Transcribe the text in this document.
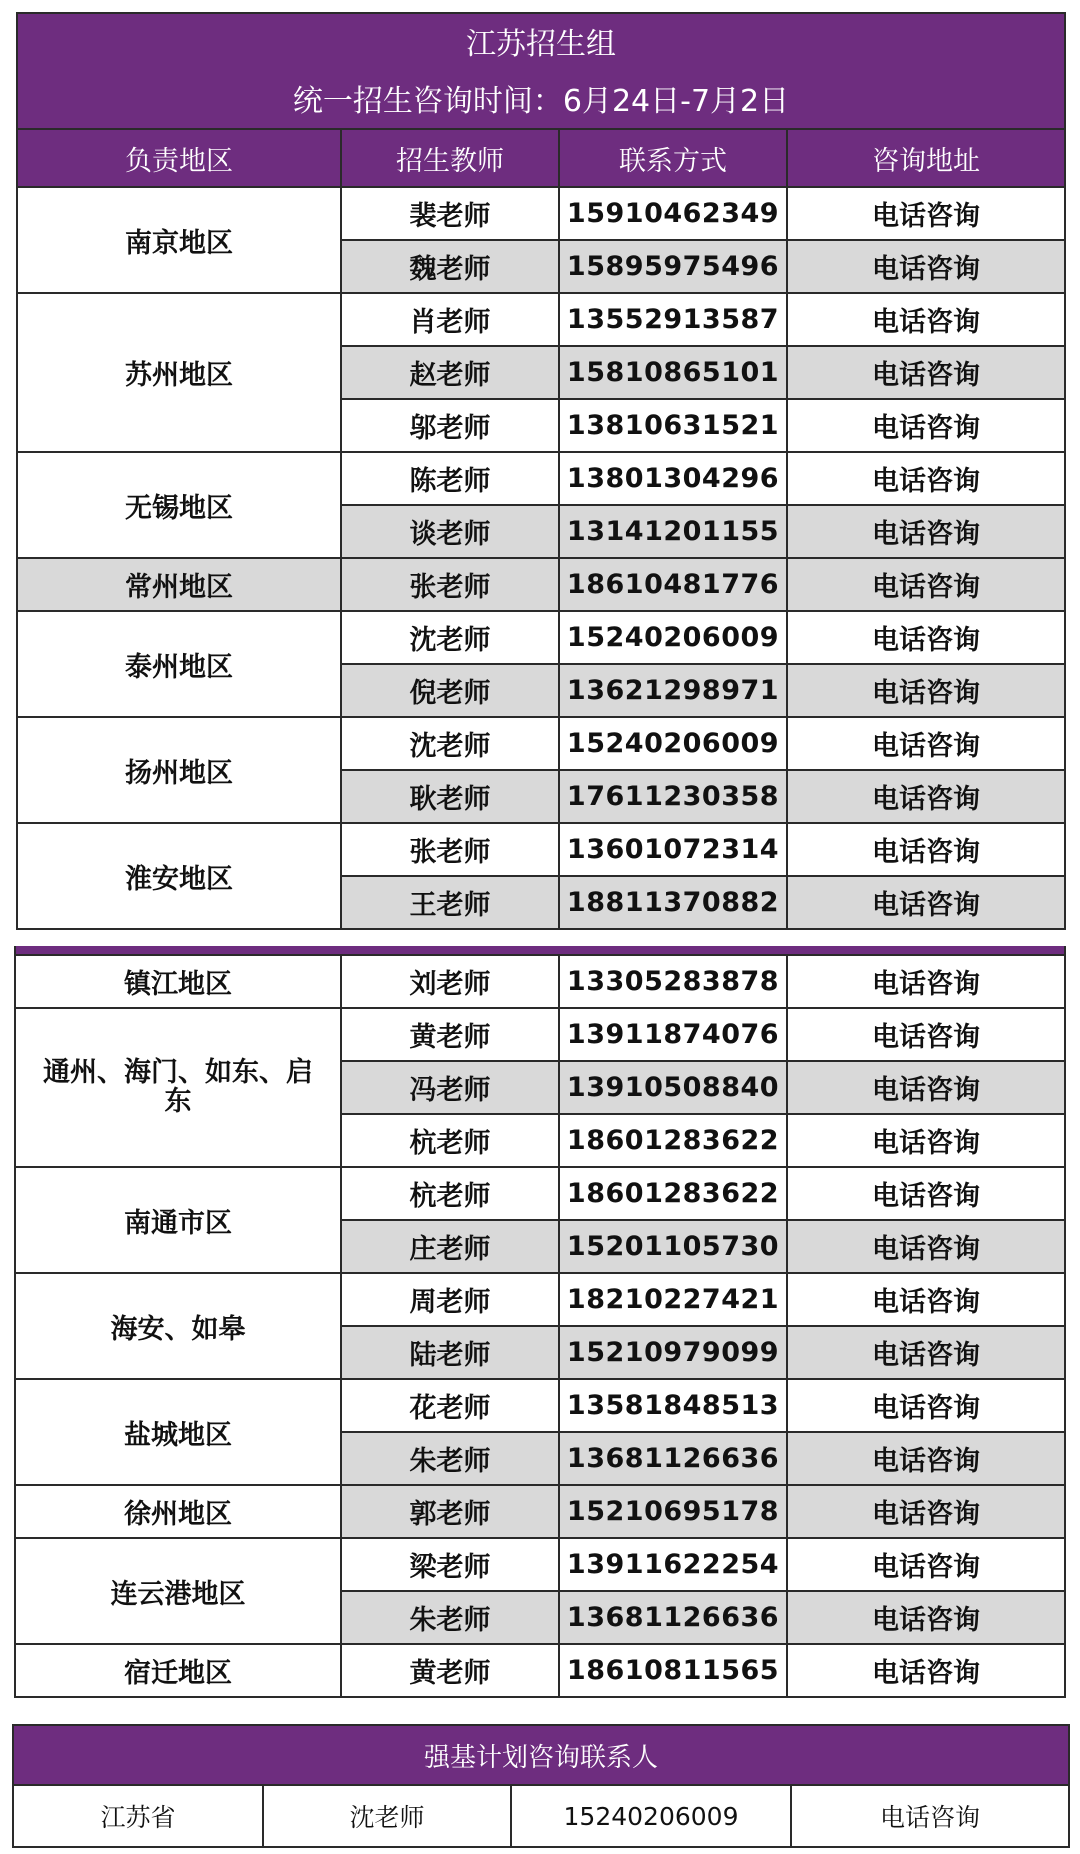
江苏招生组			
统一招生咨询时间：6月24日-7月2日			
负责地区	招生教师	联系方式	咨询地址
南京地区	裴老师	15910462349	电话咨询
	魏老师	15895975496	电话咨询
苏州地区	肖老师	13552913587	电话咨询
	赵老师	15810865101	电话咨询
	邬老师	13810631521	电话咨询
无锡地区	陈老师	13801304296	电话咨询
	谈老师	13141201155	电话咨询
常州地区	张老师	18610481776	电话咨询
泰州地区	沈老师	15240206009	电话咨询
	倪老师	13621298971	电话咨询
扬州地区	沈老师	15240206009	电话咨询
	耿老师	17611230358	电话咨询
淮安地区	张老师	13601072314	电话咨询
	王老师	18811370882	电话咨询

镇江地区	刘老师	13305283878	电话咨询
通州、海门、如东、启东	黄老师	13911874076	电话咨询
	冯老师	13910508840	电话咨询
	杭老师	18601283622	电话咨询
南通市区	杭老师	18601283622	电话咨询
	庄老师	15201105730	电话咨询
海安、如皋	周老师	18210227421	电话咨询
	陆老师	15210979099	电话咨询
盐城地区	花老师	13581848513	电话咨询
	朱老师	13681126636	电话咨询
徐州地区	郭老师	15210695178	电话咨询
连云港地区	梁老师	13911622254	电话咨询
	朱老师	13681126636	电话咨询
宿迁地区	黄老师	18610811565	电话咨询
强基计划咨询联系人
江苏省	沈老师	15240206009	电话咨询
